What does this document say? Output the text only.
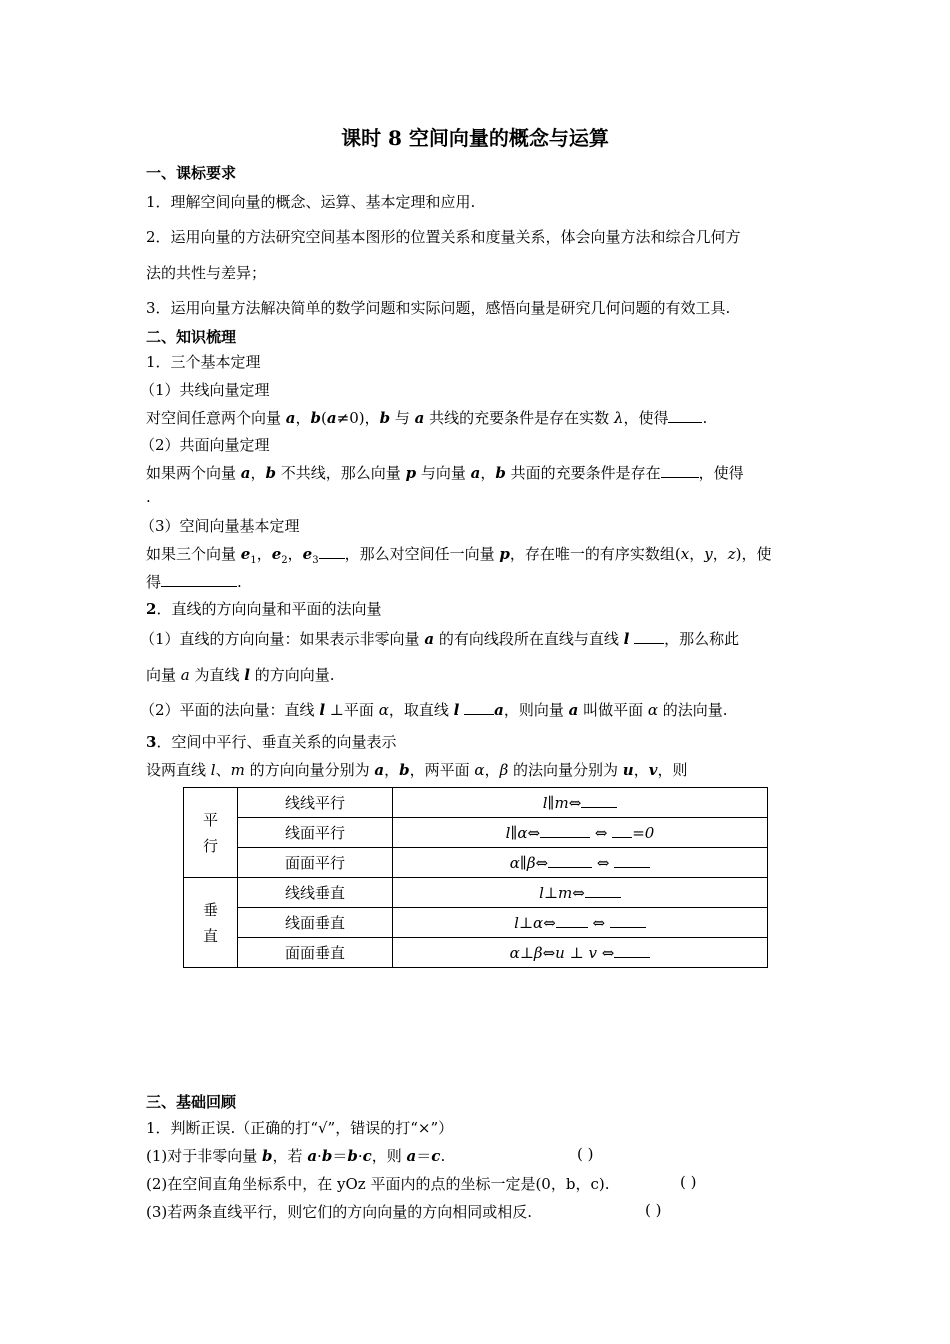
课时 8 空间向量的概念与运算
一、课标要求
1．理解空间向量的概念、运算、基本定理和应用.
2．运用向量的方法研究空间基本图形的位置关系和度量关系，体会向量方法和综合几何方
法的共性与差异；
3．运用向量方法解决简单的数学问题和实际问题，感悟向量是研究几何问题的有效工具.
二、知识梳理
1．三个基本定理
（1）共线向量定理
对空间任意两个向量 a，b(a≠0)，b 与 a 共线的充要条件是存在实数 λ，使得 .
（2）共面向量定理
如果两个向量 a，b 不共线，那么向量 p 与向量 a，b 共面的充要条件是存在	，使得
.
（3）空间向量基本定理
如果三个向量 $e_1$，$e_2$，$e_3$ ，那么对空间任一向量 p，存在唯一的有序实数组(x，y，z)，使
得	.
2．直线的方向向量和平面的法向量
（1）直线的方向向量：如果表示非零向量 a 的有向线段所在直线与直线 l ，那么称此
向量 a 为直线 l 的方向向量.
（2）平面的法向量：直线 l ⊥平面 α，取直线 l a，则向量 a 叫做平面 α 的法向量.
3．空间中平行、垂直关系的向量表示
设两直线 l、m 的方向向量分别为 a，b，两平面 α，β 的法向量分别为 u，v，则
平
行	线线平行	l∥m⇔
	线面平行	l∥α⇔ ⇔ =0
	面面平行	α∥β⇔ ⇔
垂
直	线线垂直	l⊥m⇔
	线面垂直	l⊥α⇔ ⇔
	面面垂直	α⊥β⇔u ⊥ v ⇔
三、基础回顾
1．判断正误.（正确的打“√”，错误的打“×”）
(1)对于非零向量 b，若 a·b＝b·c，则 a＝c.	( )
(2)在空间直角坐标系中，在 yOz 平面内的点的坐标一定是(0，b，c).	( )
(3)若两条直线平行，则它们的方向向量的方向相同或相反.	( )
